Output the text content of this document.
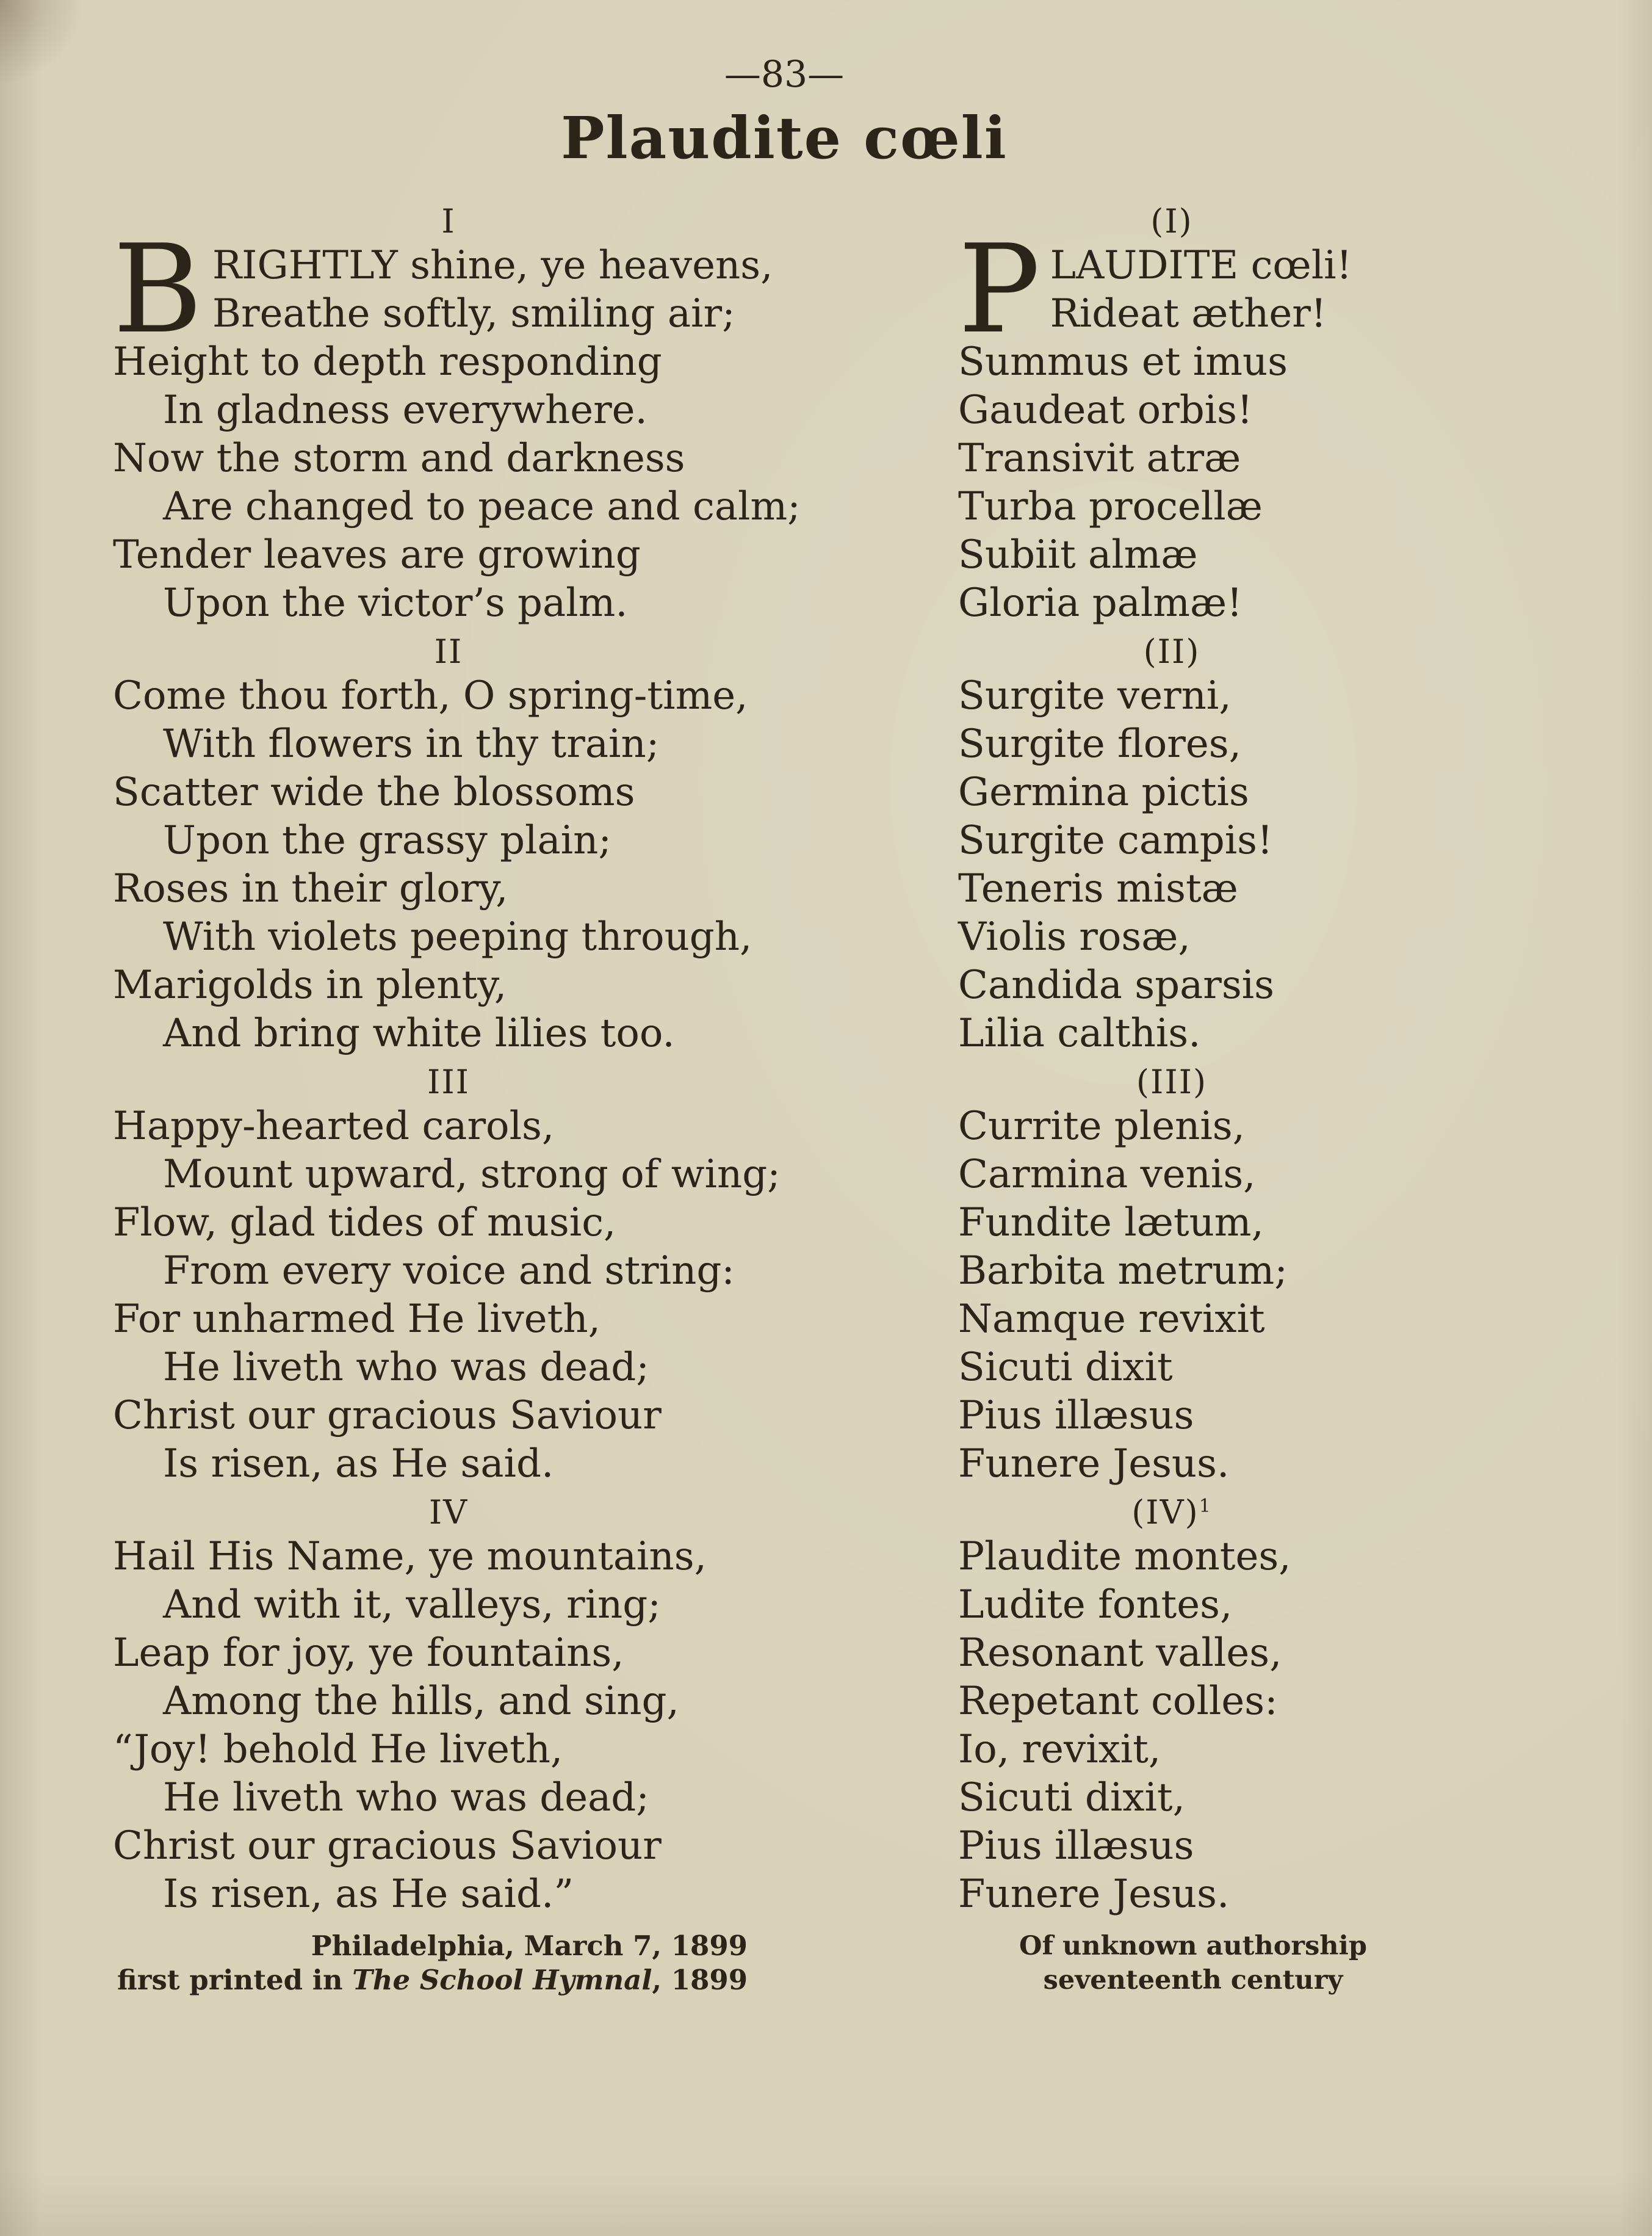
—83—
Plaudite cœli
I
B RIGHTLY shine, ye heavens,
Breathe softly, smiling air;
Height to depth responding
In gladness everywhere.
Now the storm and darkness
Are changed to peace and calm;
Tender leaves are growing
Upon the victor’s palm.
II
Come thou forth, O spring-time,
With flowers in thy train;
Scatter wide the blossoms
Upon the grassy plain;
Roses in their glory,
With violets peeping through,
Marigolds in plenty,
And bring white lilies too.
III
Happy-hearted carols,
Mount upward, strong of wing;
Flow, glad tides of music,
From every voice and string:
For unharmed He liveth,
He liveth who was dead;
Christ our gracious Saviour
Is risen, as He said.
IV
Hail His Name, ye mountains,
And with it, valleys, ring;
Leap for joy, ye fountains,
Among the hills, and sing,
“Joy! behold He liveth,
He liveth who was dead;
Christ our gracious Saviour
Is risen, as He said.”
(I)
P LAUDITE cœli!
Rideat æther!
Summus et imus
Gaudeat orbis!
Transivit atræ
Turba procellæ
Subiit almæ
Gloria palmæ!
(II)
Surgite verni,
Surgite flores,
Germina pictis
Surgite campis!
Teneris mistæ
Violis rosæ,
Candida sparsis
Lilia calthis.
(III)
Currite plenis,
Carmina venis,
Fundite lætum,
Barbita metrum;
Namque revixit
Sicuti dixit
Pius illæsus
Funere Jesus.
(IV)$^1$
Plaudite montes,
Ludite fontes,
Resonant valles,
Repetant colles:
Io, revixit,
Sicuti dixit,
Pius illæsus
Funere Jesus.
Philadelphia, March 7, 1899
first printed in The School Hymnal, 1899
Of unknown authorship
seventeenth century
